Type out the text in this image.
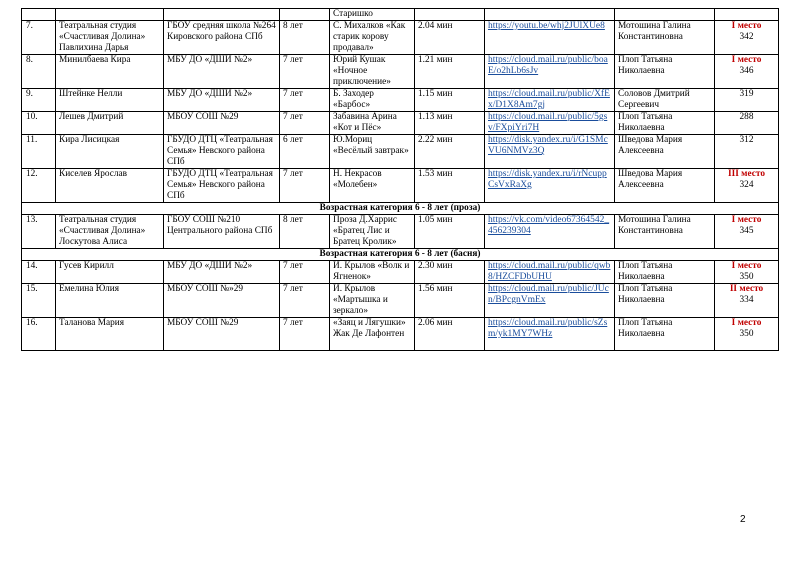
				Старишко				
7.	Театральная студия «Счастливая Долина» Павлихина Дарья	ГБОУ средняя школа №264 Кировского района СПб	8 лет	С. Михалков «Как старик корову продавал»	2.04 мин	https://youtu.be/whj2JUlXUe8	Мотошина Галина Константиновна	I место
342
8.	Минилбаева Кира	МБУ ДО «ДШИ №2»	7 лет	Юрий Кушак «Ночное приключение»	1.21 мин	https://cloud.mail.ru/public/boaE/o2hLb6sJv	Плоп Татьяна Николаевна	I место
346
9.	Штейнке Нелли	МБУ ДО «ДШИ №2»	7 лет	Б. Заходер «Барбос»	1.15 мин	https://cloud.mail.ru/public/XfEx/D1X8Am7gj	Соловов Дмитрий Сергеевич	319
10.	Лешев Дмитрий	МБОУ СОШ №29	7 лет	Забавина Арина «Кот и Пёс»	1.13 мин	https://cloud.mail.ru/public/5gsv/FXpiYri7H	Плоп Татьяна Николаевна	288
11.	Кира Лисицкая	ГБУДО ДТЦ «Театральная Семья» Невского района СПб	6 лет	Ю.Мориц «Весёлый завтрак»	2.22 мин	https://disk.yandex.ru/i/G1SMcVU6NMVz3Q	Шведова Мария Алексеевна	312
12.	Киселев Ярослав	ГБУДО ДТЦ «Театральная Семья» Невского района СПб	7 лет	Н. Некрасов «Молебен»	1.53 мин	https://disk.yandex.ru/i/rNcuppCsVxRaXg	Шведова Мария Алексеевна	III место
324
Возрастная категория 6 - 8 лет (проза)								
13.	Театральная студия «Счастливая Долина» Лоскутова Алиса	ГБОУ СОШ №210 Центрального района СПб	8 лет	Проза Д.Харрис «Братец Лис и Братец Кролик»	1.05 мин	https://vk.com/video67364542_456239304	Мотошина Галина Константиновна	I место
345
Возрастная категория 6 - 8 лет (басня)								
14.	Гусев Кирилл	МБУ ДО «ДШИ №2»	7 лет	И. Крылов «Волк и Ягненок»	2.30 мин	https://cloud.mail.ru/public/qwb8/HZCFDbUHU	Плоп Татьяна Николаевна	I место
350
15.	Емелина Юлия	МБОУ СОШ №»29	7 лет	И. Крылов «Мартышка и зеркало»	1.56 мин	https://cloud.mail.ru/public/JUcn/BPcgnVmEx	Плоп Татьяна Николаевна	II место
334
16.	Таланова Мария	МБОУ СОШ №29	7 лет	«Заяц и Лягушки» Жак Де Лафонтен	2.06 мин	https://cloud.mail.ru/public/sZsm/yk1MY7WHz	Плоп Татьяна Николаевна	I место
350
2
